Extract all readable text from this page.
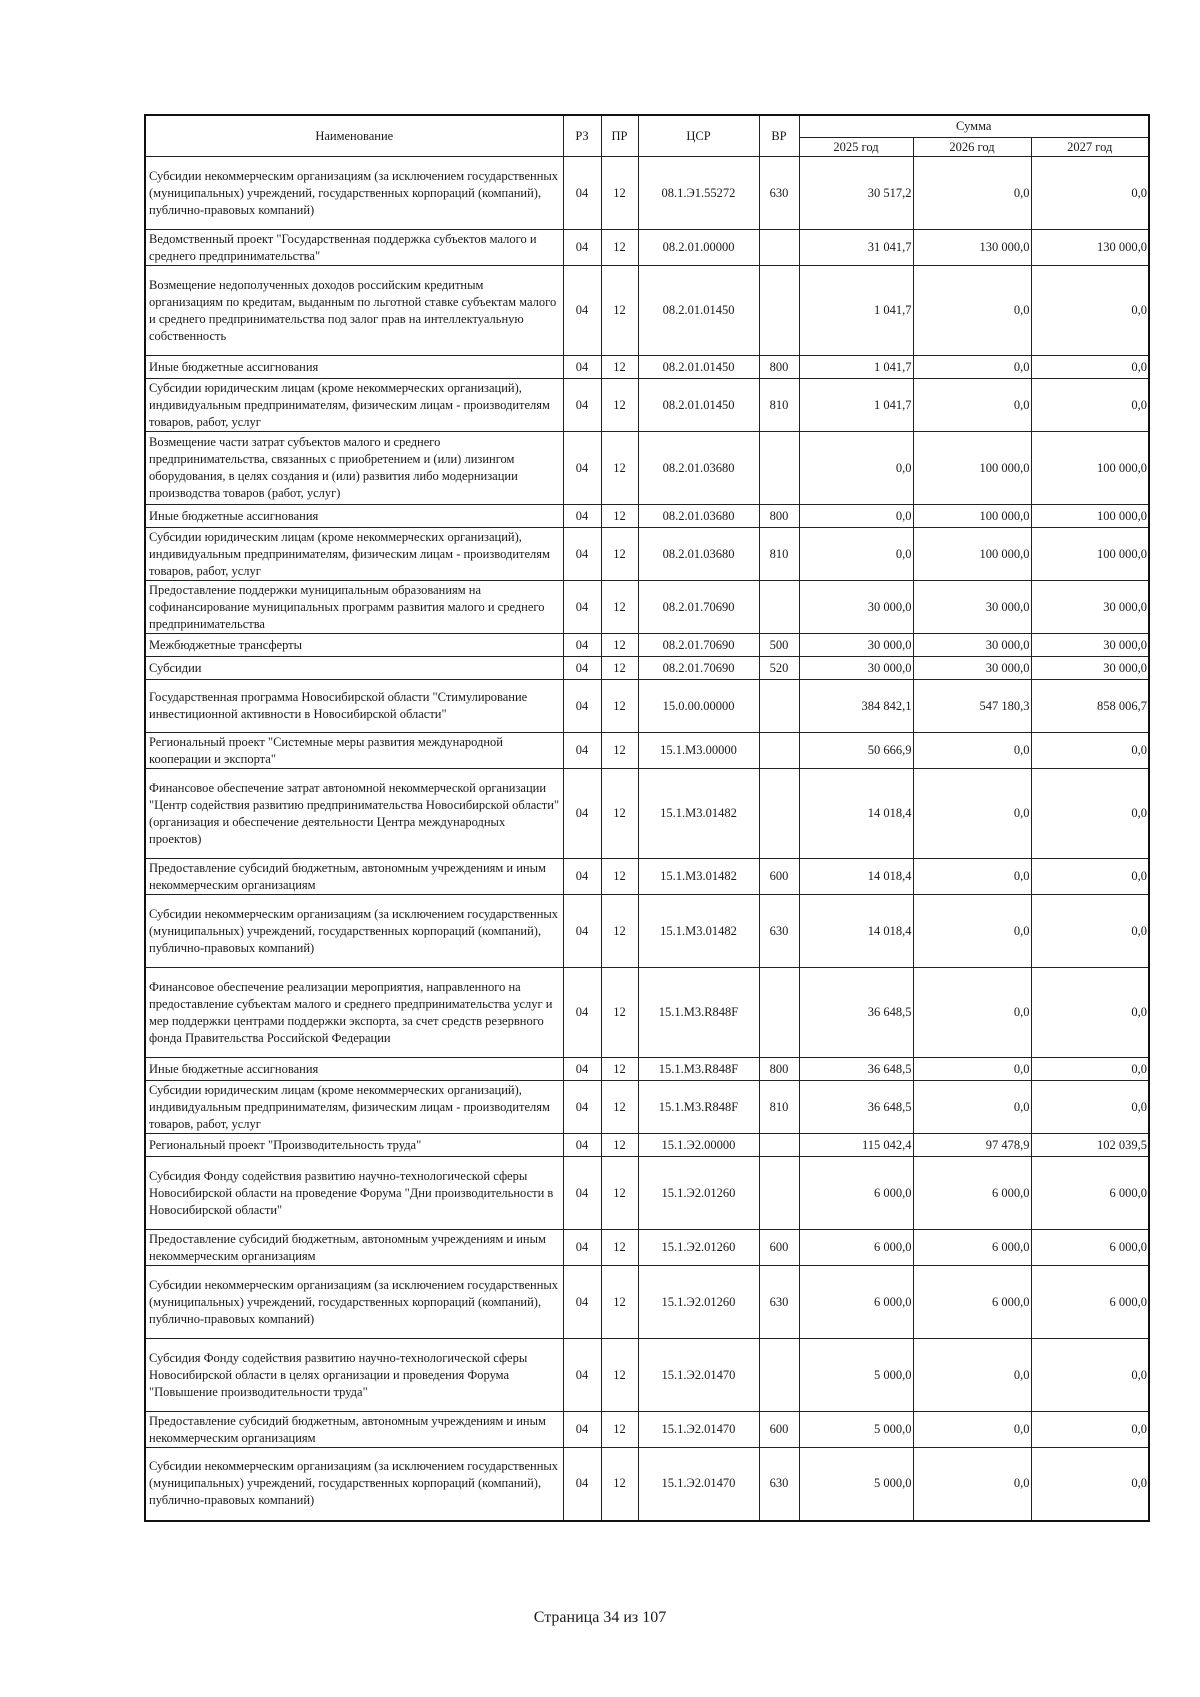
Наименование	РЗ	ПР	ЦСР	ВР	Сумма		
					2025 год	2026 год	2027 год
Субсидии некоммерческим организациям (за исключением государственных (муниципальных) учреждений, государственных корпораций (компаний), публично-правовых компаний)	04	12	08.1.Э1.55272	630	30 517,2	0,0	0,0
Ведомственный проект "Государственная поддержка субъектов малого и среднего предпринимательства"	04	12	08.2.01.00000		31 041,7	130 000,0	130 000,0
Возмещение недополученных доходов российским кредитным организациям по кредитам, выданным по льготной ставке субъектам малого и среднего предпринимательства под залог прав на интеллектуальную собственность	04	12	08.2.01.01450		1 041,7	0,0	0,0
Иные бюджетные ассигнования	04	12	08.2.01.01450	800	1 041,7	0,0	0,0
Субсидии юридическим лицам (кроме некоммерческих организаций), индивидуальным предпринимателям, физическим лицам - производителям товаров, работ, услуг	04	12	08.2.01.01450	810	1 041,7	0,0	0,0
Возмещение части затрат субъектов малого и среднего предпринимательства, связанных с приобретением и (или) лизингом оборудования, в целях создания и (или) развития либо модернизации производства товаров (работ, услуг)	04	12	08.2.01.03680		0,0	100 000,0	100 000,0
Иные бюджетные ассигнования	04	12	08.2.01.03680	800	0,0	100 000,0	100 000,0
Субсидии юридическим лицам (кроме некоммерческих организаций), индивидуальным предпринимателям, физическим лицам - производителям товаров, работ, услуг	04	12	08.2.01.03680	810	0,0	100 000,0	100 000,0
Предоставление поддержки муниципальным образованиям на софинансирование муниципальных программ развития малого и среднего предпринимательства	04	12	08.2.01.70690		30 000,0	30 000,0	30 000,0
Межбюджетные трансферты	04	12	08.2.01.70690	500	30 000,0	30 000,0	30 000,0
Субсидии	04	12	08.2.01.70690	520	30 000,0	30 000,0	30 000,0
Государственная программа Новосибирской области "Стимулирование инвестиционной активности в Новосибирской области"	04	12	15.0.00.00000		384 842,1	547 180,3	858 006,7
Региональный проект "Системные меры развития международной кооперации и экспорта"	04	12	15.1.М3.00000		50 666,9	0,0	0,0
Финансовое обеспечение затрат автономной некоммерческой организации "Центр содействия развитию предпринимательства Новосибирской области" (организация и обеспечение деятельности Центра международных проектов)	04	12	15.1.М3.01482		14 018,4	0,0	0,0
Предоставление субсидий бюджетным, автономным учреждениям и иным некоммерческим организациям	04	12	15.1.М3.01482	600	14 018,4	0,0	0,0
Субсидии некоммерческим организациям (за исключением государственных (муниципальных) учреждений, государственных корпораций (компаний), публично-правовых компаний)	04	12	15.1.М3.01482	630	14 018,4	0,0	0,0
Финансовое обеспечение реализации мероприятия, направленного на предоставление субъектам малого и среднего предпринимательства услуг и мер поддержки центрами поддержки экспорта, за счет средств резервного фонда Правительства Российской Федерации	04	12	15.1.М3.R848F		36 648,5	0,0	0,0
Иные бюджетные ассигнования	04	12	15.1.М3.R848F	800	36 648,5	0,0	0,0
Субсидии юридическим лицам (кроме некоммерческих организаций), индивидуальным предпринимателям, физическим лицам - производителям товаров, работ, услуг	04	12	15.1.М3.R848F	810	36 648,5	0,0	0,0
Региональный проект "Производительность труда"	04	12	15.1.Э2.00000		115 042,4	97 478,9	102 039,5
Субсидия Фонду содействия развитию научно-технологической сферы Новосибирской области на проведение Форума "Дни производительности в Новосибирской области"	04	12	15.1.Э2.01260		6 000,0	6 000,0	6 000,0
Предоставление субсидий бюджетным, автономным учреждениям и иным некоммерческим организациям	04	12	15.1.Э2.01260	600	6 000,0	6 000,0	6 000,0
Субсидии некоммерческим организациям (за исключением государственных (муниципальных) учреждений, государственных корпораций (компаний), публично-правовых компаний)	04	12	15.1.Э2.01260	630	6 000,0	6 000,0	6 000,0
Субсидия Фонду содействия развитию научно-технологической сферы Новосибирской области в целях организации и проведения Форума "Повышение производительности труда"	04	12	15.1.Э2.01470		5 000,0	0,0	0,0
Предоставление субсидий бюджетным, автономным учреждениям и иным некоммерческим организациям	04	12	15.1.Э2.01470	600	5 000,0	0,0	0,0
Субсидии некоммерческим организациям (за исключением государственных (муниципальных) учреждений, государственных корпораций (компаний), публично-правовых компаний)	04	12	15.1.Э2.01470	630	5 000,0	0,0	0,0
Страница 34 из 107
